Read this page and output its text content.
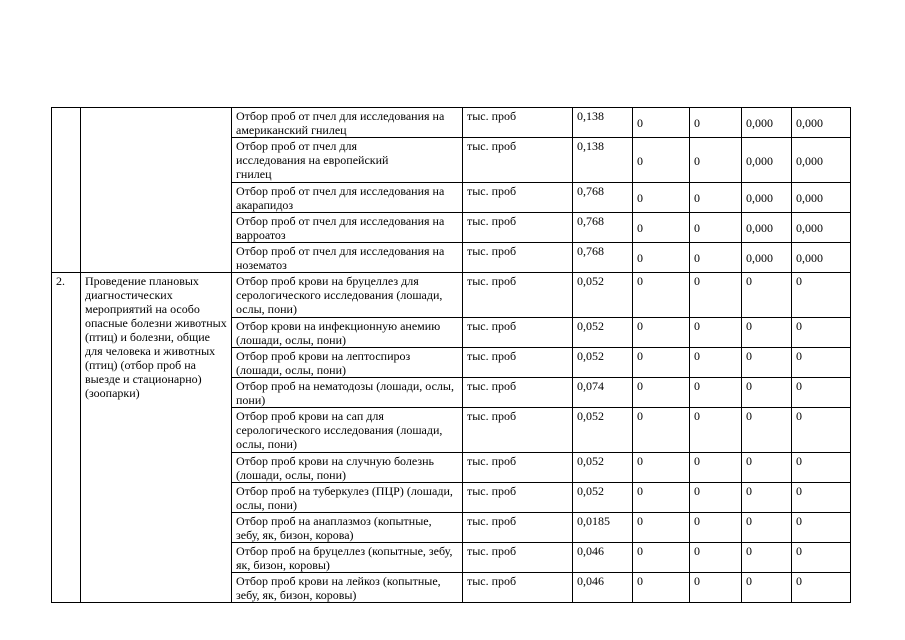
		Отбор проб от пчел для исследования на американский гнилец	тыс. проб	0,138	0	0	0,000	0,000

		Отбор проб от пчел для исследования на европейский гнилец	тыс. проб	0,138	0	0	0,000	0,000
		Отбор проб от пчел для исследования на акарапидоз	тыс. проб	0,768	0	0	0,000	0,000
		Отбор проб от пчел для исследования на варроатоз	тыс. проб	0,768	0	0	0,000	0,000
		Отбор проб от пчел для исследования на нозематоз	тыс. проб	0,768	0	0	0,000	0,000
2.	Проведение плановых диагностических мероприятий на особо опасные болезни животных (птиц) и болезни, общие для человека и животных (птиц) (отбор проб на выезде и стационарно) (зоопарки)	Отбор проб крови на бруцеллез для серологического исследования (лошади, ослы, пони)	тыс. проб	0,052	0	0	0	0
		Отбор крови на инфекционную анемию (лошади, ослы, пони)	тыс. проб	0,052	0	0	0	0
		Отбор проб крови на лептоспироз (лошади, ослы, пони)	тыс. проб	0,052	0	0	0	0
		Отбор проб на нематодозы (лошади, ослы, пони)	тыс. проб	0,074	0	0	0	0
		Отбор проб крови на сап для серологического исследования (лошади, ослы, пони)	тыс. проб	0,052	0	0	0	0
		Отбор проб крови на случную болезнь (лошади, ослы, пони)	тыс. проб	0,052	0	0	0	0
		Отбор проб на туберкулез (ПЦР) (лошади, ослы, пони)	тыс. проб	0,052	0	0	0	0
		Отбор проб на анаплазмоз (копытные, зебу, як, бизон, корова)	тыс. проб	0,0185	0	0	0	0
		Отбор проб на бруцеллез (копытные, зебу, як, бизон, коровы)	тыс. проб	0,046	0	0	0	0
		Отбор проб крови на лейкоз (копытные, зебу, як, бизон, коровы)	тыс. проб	0,046	0	0	0	0
